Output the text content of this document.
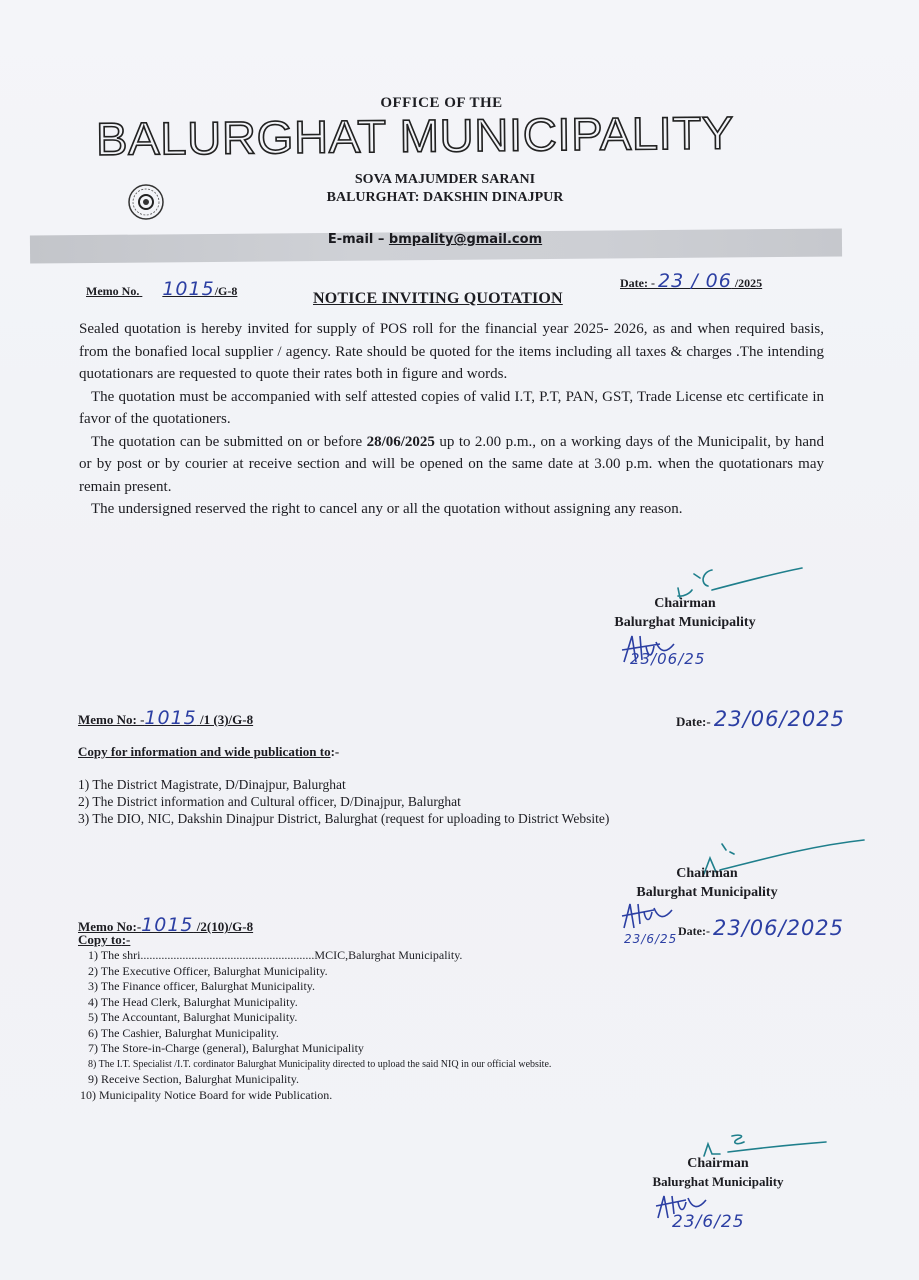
OFFICE OF THE
BALURGHAT MUNICIPALITY
SOVA MAJUMDER SARANI
BALURGHAT: DAKSHIN DINAJPUR
E-mail – bmpality@gmail.com
Memo No. 1015/G-8
Date: - 23 / 06 /2025
NOTICE INVITING QUOTATION

Sealed quotation is hereby invited for supply of POS roll for the financial year 2025- 2026, as and when required basis, from the bonafied local supplier / agency. Rate should be quoted for the items including all taxes & charges .The intending quotationars are requested to quote their rates both in figure and words.

The quotation must be accompanied with self attested copies of valid I.T, P.T, PAN, GST, Trade License etc certificate in favor of the quotationers.

The quotation can be submitted on or before 28/06/2025 up to 2.00 p.m., on a working days of the Municipalit, by hand or by post or by courier at receive section and will be opened on the same date at 3.00 p.m. when the quotationars may remain present.

The undersigned reserved the right to cancel any or all the quotation without assigning any reason.

Chairman
Balurghat Municipality
23/06/25
Memo No: -1015 /1 (3)/G-8	Date:- 23/06/2025
Copy for information and wide publication to:-
1) The District Magistrate, D/Dinajpur, Balurghat
2) The District information and Cultural officer, D/Dinajpur, Balurghat
3) The DIO, NIC, Dakshin Dinajpur District, Balurghat (request for uploading to District Website)
Chairman
Balurghat Municipality
23/6/25
Memo No:-1015 /2(10)/G-8	Date:- 23/06/2025
Copy to:-
1) The shri..........................................................MCIC,Balurghat Municipality.
2) The Executive Officer, Balurghat Municipality.
3) The Finance officer, Balurghat Municipality.
4) The Head Clerk, Balurghat Municipality.
5) The Accountant, Balurghat Municipality.
6) The Cashier, Balurghat Municipality.
7) The Store-in-Charge (general), Balurghat Municipality
8) The I.T. Specialist /I.T. cordinator Balurghat Municipality directed to upload the said NIQ in our official website.
9) Receive Section, Balurghat Municipality.
10) Municipality Notice Board for wide Publication.
Chairman
Balurghat Municipality
23/6/25
